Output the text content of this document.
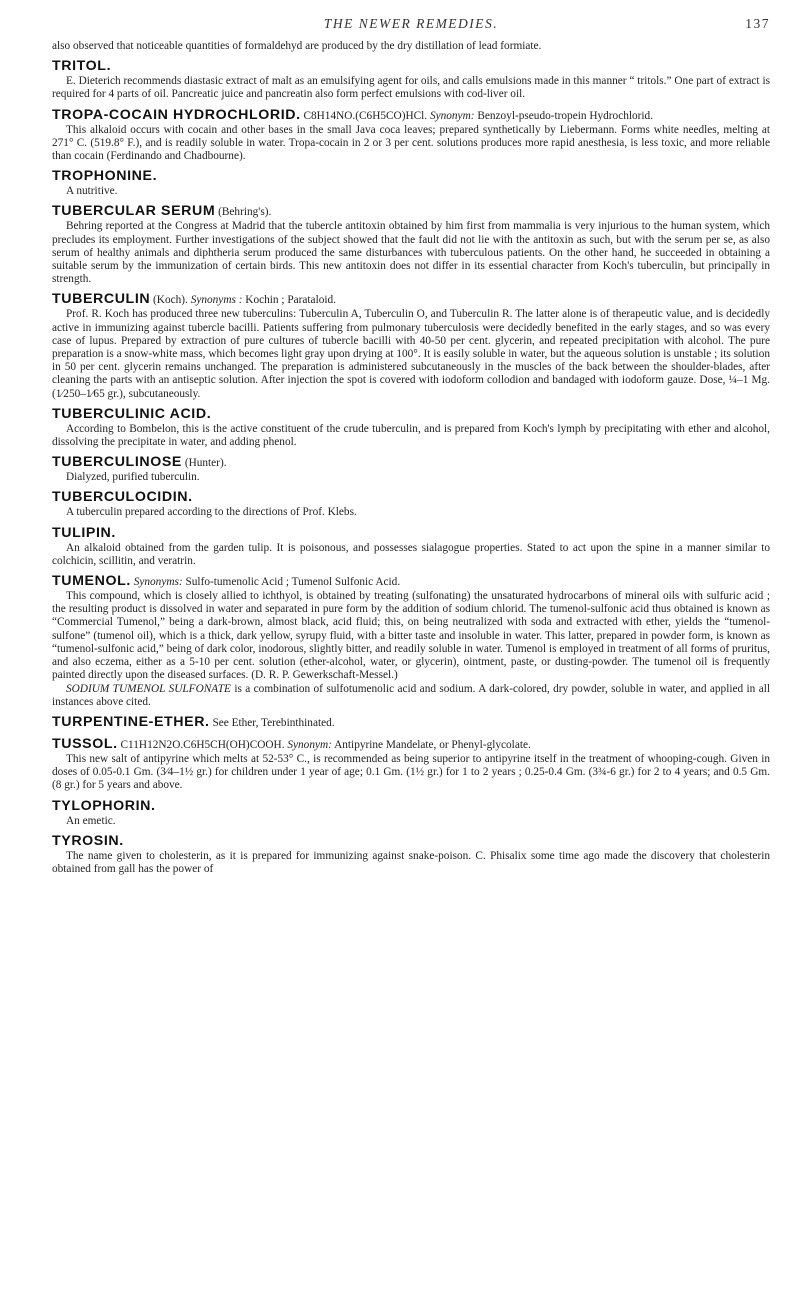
THE NEWER REMEDIES.	137

also observed that noticeable quantities of formaldehyd are produced by the dry distillation of lead formiate.

TRITOL.

E. Dieterich recommends diastasic extract of malt as an emulsifying agent for oils, and calls emulsions made in this manner “ tritols.” One part of extract is required for 4 parts of oil. Pancreatic juice and pancreatin also form perfect emulsions with cod-liver oil.

TROPA-COCAIN HYDROCHLORID. C8H14NO.(C6H5CO)HCl. Synonym: Benzoyl-pseudo-tropein Hydrochlorid.

This alkaloid occurs with cocain and other bases in the small Java coca leaves; prepared synthetically by Liebermann. Forms white needles, melting at 271° C. (519.8° F.), and is readily soluble in water. Tropa-cocain in 2 or 3 per cent. solutions produces more rapid anesthesia, is less toxic, and more reliable than cocain (Ferdinando and Chadbourne).

TROPHONINE.

A nutritive.

TUBERCULAR SERUM (Behring's).

Behring reported at the Congress at Madrid that the tubercle antitoxin obtained by him first from mammalia is very injurious to the human system, which precludes its employment. Further investigations of the subject showed that the fault did not lie with the antitoxin as such, but with the serum per se, as also serum of healthy animals and diphtheria serum produced the same disturbances with tuberculous patients. On the other hand, he succeeded in obtaining a suitable serum by the immunization of certain birds. This new antitoxin does not differ in its essential character from Koch's tuberculin, but principally in strength.

TUBERCULIN (Koch). Synonyms : Kochin ; Parataloid.

Prof. R. Koch has produced three new tuberculins: Tuberculin A, Tuberculin O, and Tuberculin R. The latter alone is of therapeutic value, and is decidedly active in immunizing against tubercle bacilli. Patients suffering from pulmonary tuberculosis were decidedly benefited in the early stages, and so was every case of lupus. Prepared by extraction of pure cultures of tubercle bacilli with 40-50 per cent. glycerin, and repeated precipitation with alcohol. The pure preparation is a snow-white mass, which becomes light gray upon drying at 100°. It is easily soluble in water, but the aqueous solution is unstable ; its solution in 50 per cent. glycerin remains unchanged. The preparation is administered subcutaneously in the muscles of the back between the shoulder-blades, after cleaning the parts with an antiseptic solution. After injection the spot is covered with iodoform collodion and bandaged with iodoform gauze. Dose, ¼–1 Mg. (1⁄250–1⁄65 gr.), subcutaneously.

TUBERCULINIC ACID.

According to Bombelon, this is the active constituent of the crude tuberculin, and is prepared from Koch's lymph by precipitating with ether and alcohol, dissolving the precipitate in water, and adding phenol.

TUBERCULINOSE (Hunter).

Dialyzed, purified tuberculin.

TUBERCULOCIDIN.

A tuberculin prepared according to the directions of Prof. Klebs.

TULIPIN.

An alkaloid obtained from the garden tulip. It is poisonous, and possesses sialagogue properties. Stated to act upon the spine in a manner similar to colchicin, scillitin, and veratrin.

TUMENOL. Synonyms: Sulfo-tumenolic Acid ; Tumenol Sulfonic Acid.

This compound, which is closely allied to ichthyol, is obtained by treating (sulfonating) the unsaturated hydrocarbons of mineral oils with sulfuric acid ; the resulting product is dissolved in water and separated in pure form by the addition of sodium chlorid. The tumenol-sulfonic acid thus obtained is known as “Commercial Tumenol,” being a dark-brown, almost black, acid fluid; this, on being neutralized with soda and extracted with ether, yields the “tumenol-sulfone” (tumenol oil), which is a thick, dark yellow, syrupy fluid, with a bitter taste and insoluble in water. This latter, prepared in powder form, is known as “tumenol-sulfonic acid,” being of dark color, inodorous, slightly bitter, and readily soluble in water. Tumenol is employed in treatment of all forms of pruritus, and also eczema, either as a 5-10 per cent. solution (ether-alcohol, water, or glycerin), ointment, paste, or dusting-powder. The tumenol oil is frequently painted directly upon the diseased surfaces. (D. R. P. Gewerkschaft-Messel.)

SODIUM TUMENOL SULFONATE is a combination of sulfotumenolic acid and sodium. A dark-colored, dry powder, soluble in water, and applied in all instances above cited.

TURPENTINE-ETHER. See Ether, Terebinthinated.

TUSSOL. C11H12N2O.C6H5CH(OH)COOH. Synonym: Antipyrine Mandelate, or Phenyl-glycolate.

This new salt of antipyrine which melts at 52-53° C., is recommended as being superior to antipyrine itself in the treatment of whooping-cough. Given in doses of 0.05-0.1 Gm. (3⁄4–1½ gr.) for children under 1 year of age; 0.1 Gm. (1½ gr.) for 1 to 2 years ; 0.25-0.4 Gm. (3¾-6 gr.) for 2 to 4 years; and 0.5 Gm. (8 gr.) for 5 years and above.

TYLOPHORIN.

An emetic.

TYROSIN.

The name given to cholesterin, as it is prepared for immunizing against snake-poison. C. Phisalix some time ago made the discovery that cholesterin obtained from gall has the power of
